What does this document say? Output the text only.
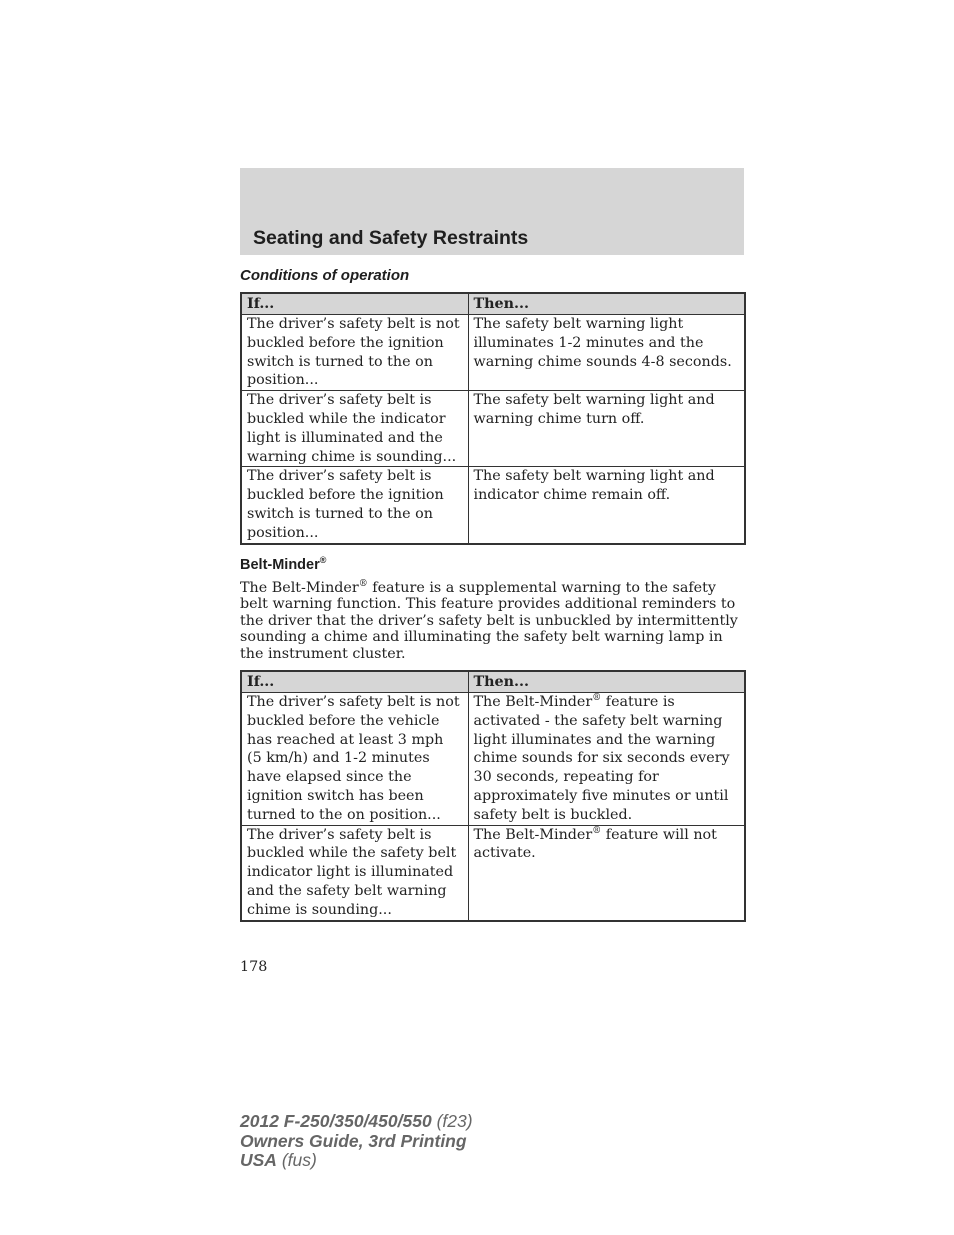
Seating and Safety Restraints
Conditions of operation
If...	Then...
The driver’s safety belt is not buckled before the ignition switch is turned to the on position...	The safety belt warning light illuminates 1-2 minutes and the warning chime sounds 4-8 seconds.
The driver’s safety belt is buckled while the indicator light is illuminated and the warning chime is sounding...	The safety belt warning light and warning chime turn off.
The driver’s safety belt is buckled before the ignition switch is turned to the on position...	The safety belt warning light and indicator chime remain off.
Belt-Minder®

The Belt-Minder® feature is a supplemental warning to the safety belt warning function. This feature provides additional reminders to the driver that the driver’s safety belt is unbuckled by intermittently sounding a chime and illuminating the safety belt warning lamp in the instrument cluster.

If...	Then...
The driver’s safety belt is not buckled before the vehicle has reached at least 3 mph (5 km/h) and 1-2 minutes have elapsed since the ignition switch has been turned to the on position...	The Belt-Minder® feature is activated - the safety belt warning light illuminates and the warning chime sounds for six seconds every 30 seconds, repeating for approximately five minutes or until safety belt is buckled.
The driver’s safety belt is buckled while the safety belt indicator light is illuminated and the safety belt warning chime is sounding...	The Belt-Minder® feature will not activate.

178

2012 F-250/350/450/550 (f23)
Owners Guide, 3rd Printing
USA (fus)
